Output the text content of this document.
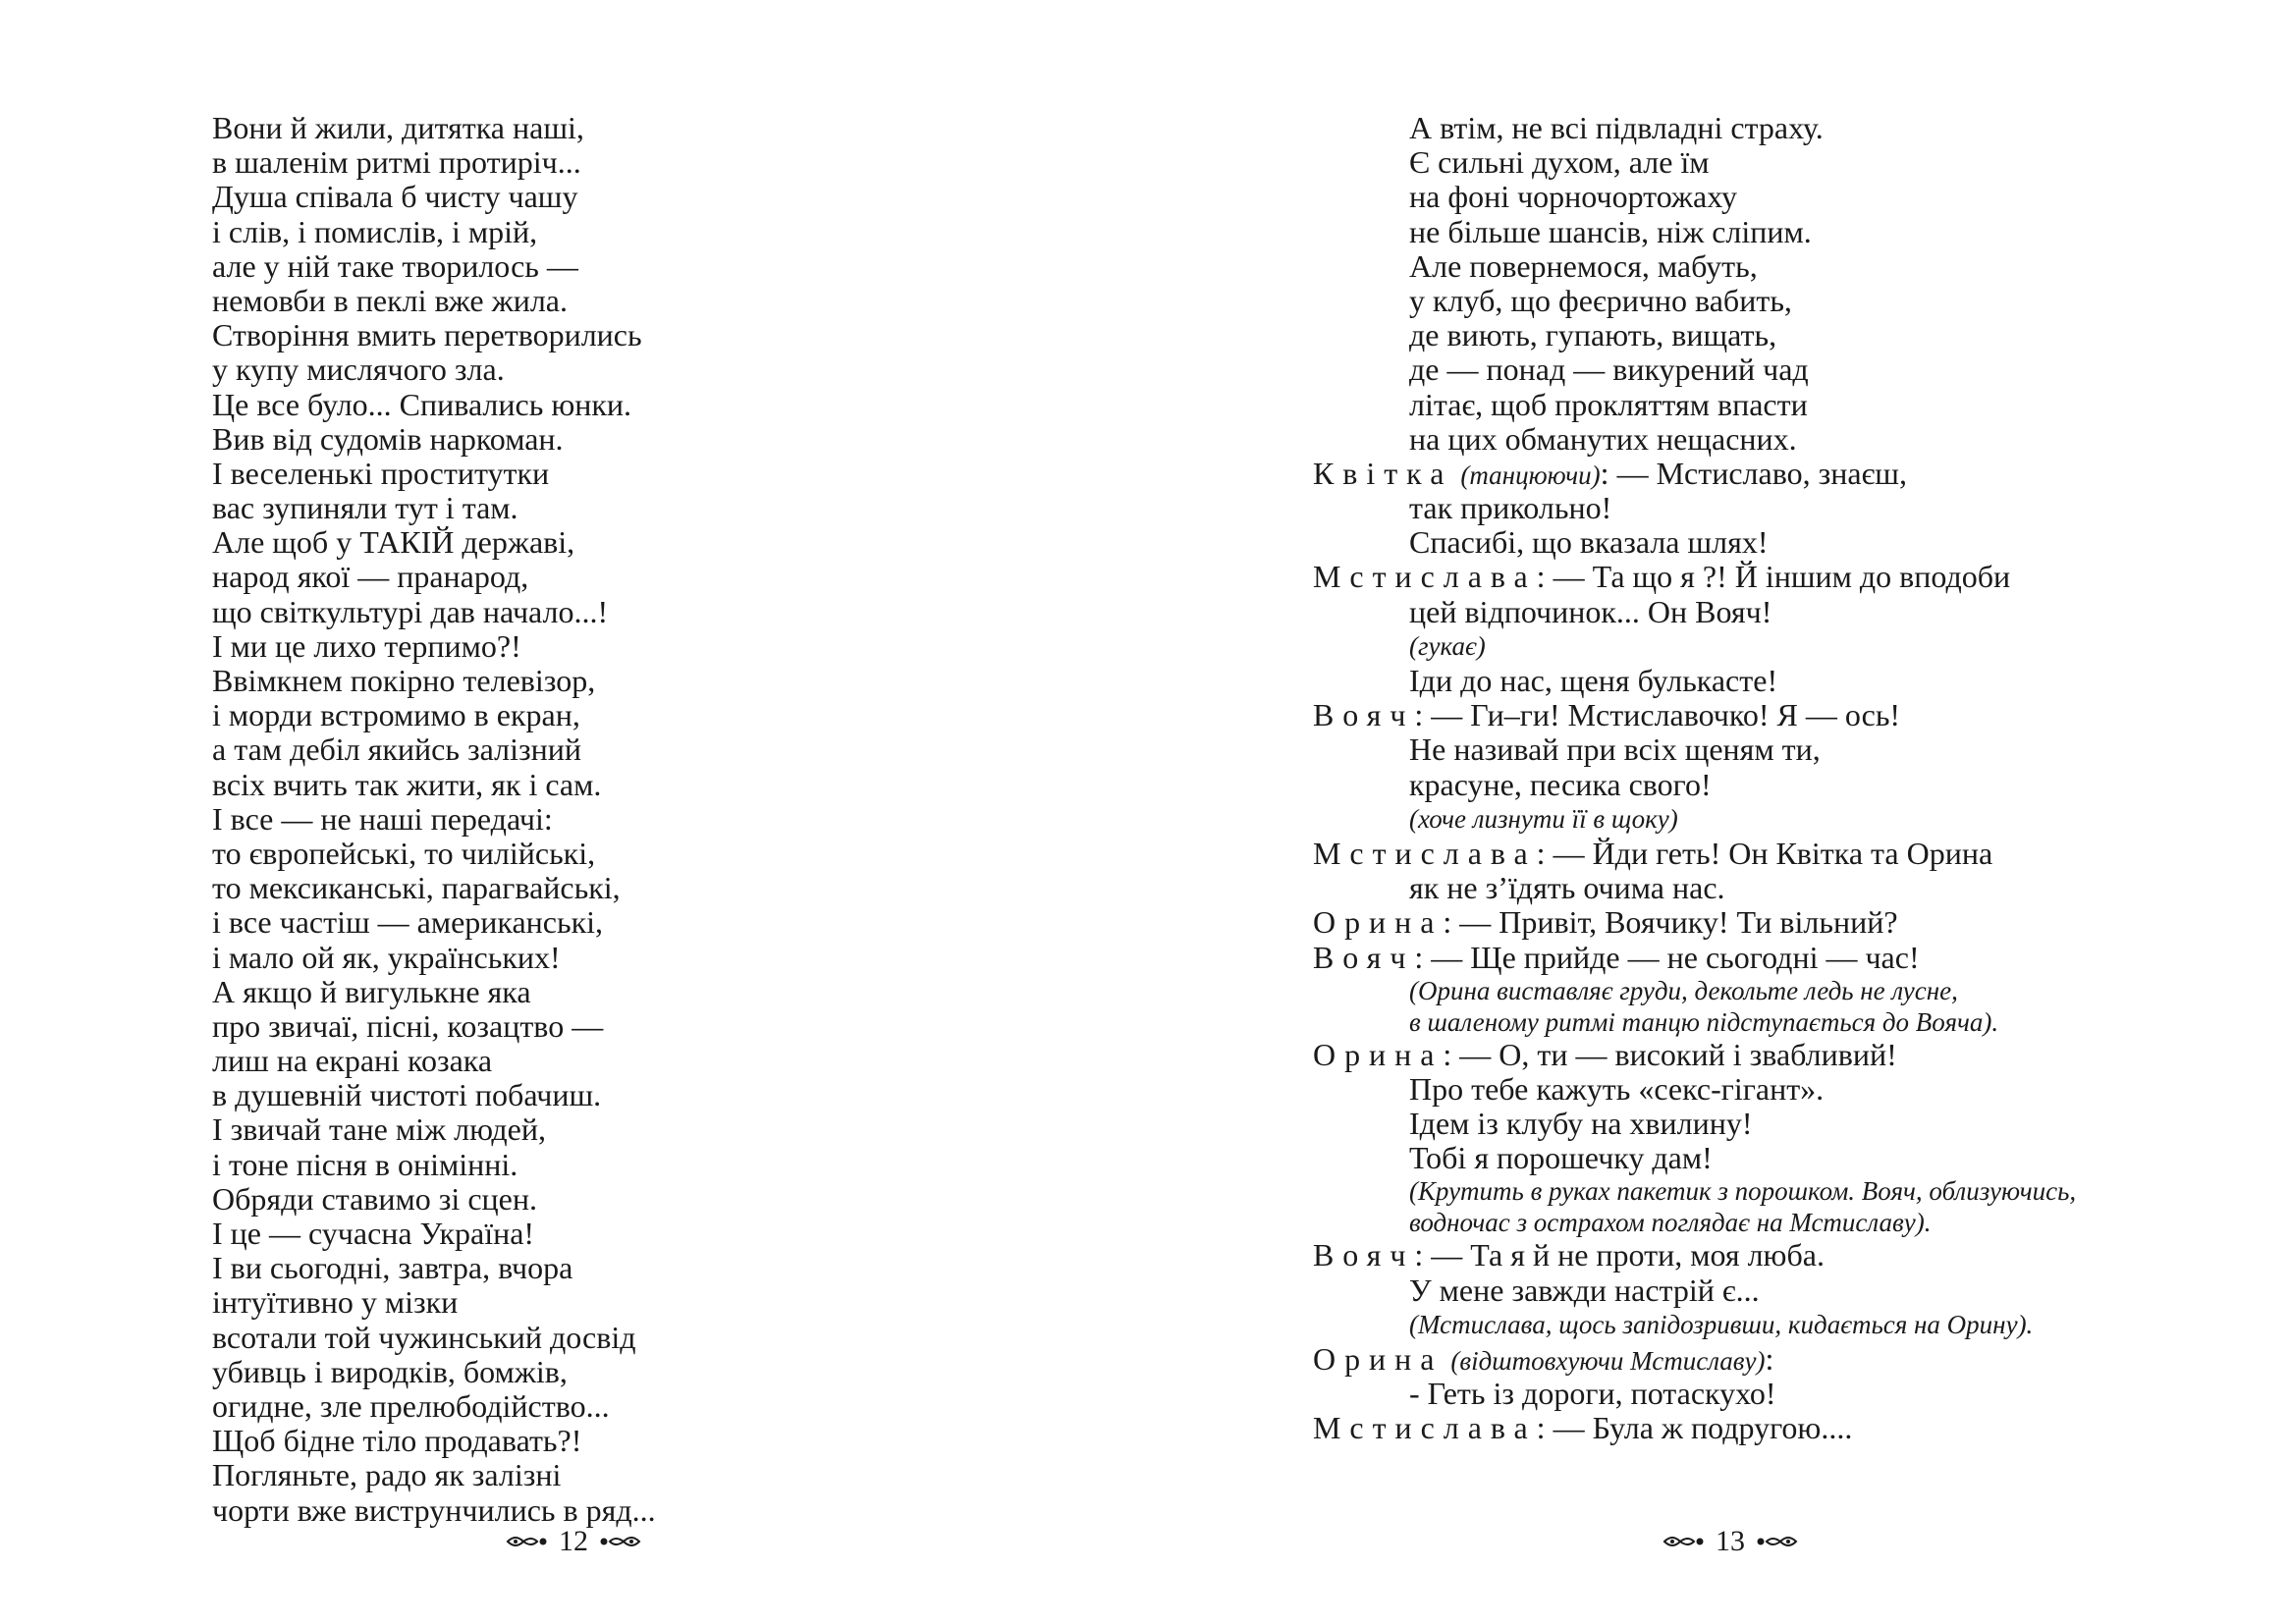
Вони й жили, дитятка наші,
в шаленім ритмі протиріч...
Душа співала б чисту чашу
і слів, і помислів, і мрій,
але у ній таке творилось —
немовби в пеклі вже жила.
Створіння вмить перетворились
у купу мислячого зла.
Це все було... Спивались юнки.
Вив від судомів наркоман.
І веселенькі проститутки
вас зупиняли тут і там.
Але щоб у ТАКІЙ державі,
народ якої — пранарод,
що світкультурі дав начало...!
І ми це лихо терпимо?!
Ввімкнем покірно телевізор,
і морди встромимо в екран,
а там дебіл якийсь залізний
всіх вчить так жити, як і сам.
І все — не наші передачі:
то європейські, то чилійські,
то мексиканські, парагвайські,
і все частіш — американські,
і мало ой як, українських!
А якщо й вигулькне яка
про звичаї, пісні, козацтво —
лиш на екрані козака
в душевній чистоті побачиш.
І звичай тане між людей,
і тоне пісня в онімінні.
Обряди ставимо зі сцен.
І це — сучасна Україна!
І ви сьогодні, завтра, вчора
інтуїтивно у мізки
всотали той чужинський досвід
убивць і виродків, бомжів,
огидне, зле прелюбодійство...
Щоб бідне тіло продавать?!
Погляньте, радо як залізні
чорти вже виструнчились в ряд...
12
А втім, не всі підвладні страху.
Є сильні духом, але їм
на фоні чорночортожаху
не більше шансів, ніж сліпим.
Але повернемося, мабуть,
у клуб, що феєрично вабить,
де виють, гупають, вищать,
де — понад — викурений чад
літає, щоб прокляттям впасти
на цих обманутих нещасних.
Квітка (танцюючи): — Мстиславо, знаєш,
так прикольно!
Спасибі, що вказала шлях!
Мстислава: — Та що я ?! Й іншим до вподоби
цей відпочинок... Он Вояч!
(гукає)
Іди до нас, щеня булькасте!
Вояч: — Ги–ги! Мстиславочко! Я — ось!
Не називай при всіх щеням ти,
красуне, песика свого!
(хоче лизнути її в щоку)
Мстислава: — Йди геть! Он Квітка та Орина
як не з’їдять очима нас.
Орина: — Привіт, Воячику! Ти вільний?
Вояч: — Ще прийде — не сьогодні — час!
(Орина виставляє груди, декольте ледь не лусне,
в шаленому ритмі танцю підступається до Вояча).
Орина: — О, ти — високий і звабливий!
Про тебе кажуть «секс-гігант».
Ідем із клубу на хвилину!
Тобі я порошечку дам!
(Крутить в руках пакетик з порошком. Вояч, облизуючись,
водночас з острахом поглядає на Мстиславу).
Вояч: — Та я й не проти, моя люба.
У мене завжди настрій є...
(Мстислава, щось запідозривши, кидається на Орину).
Орина (відштовхуючи Мстиславу):
- Геть із дороги, потаскухо!
Мстислава: — Була ж подругою....
13
